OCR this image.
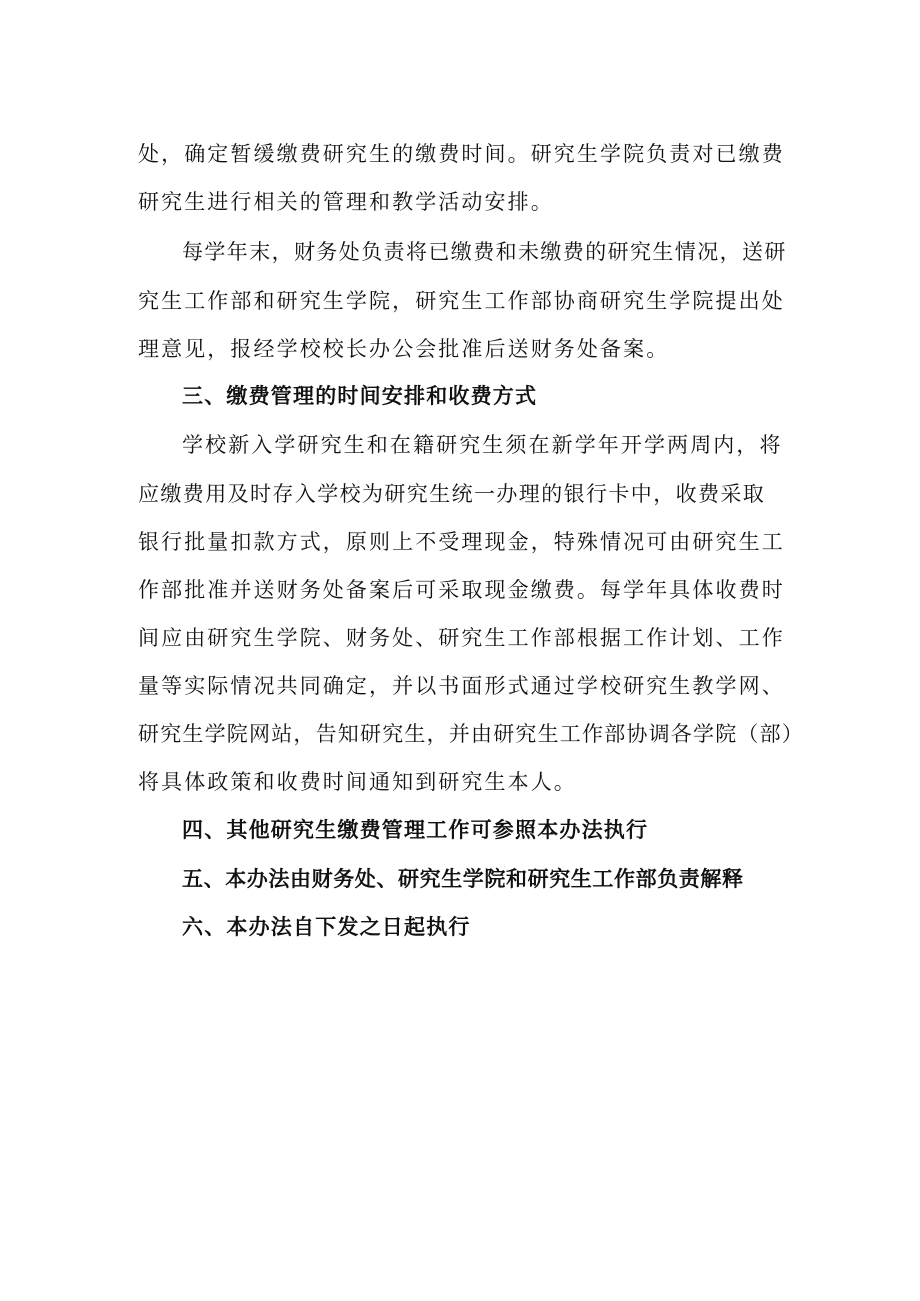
处，确定暂缓缴费研究生的缴费时间。研究生学院负责对已缴费
研究生进行相关的管理和教学活动安排。
每学年末，财务处负责将已缴费和未缴费的研究生情况，送研
究生工作部和研究生学院，研究生工作部协商研究生学院提出处
理意见，报经学校校长办公会批准后送财务处备案。
三、缴费管理的时间安排和收费方式
学校新入学研究生和在籍研究生须在新学年开学两周内，将
应缴费用及时存入学校为研究生统一办理的银行卡中，收费采取
银行批量扣款方式，原则上不受理现金，特殊情况可由研究生工
作部批准并送财务处备案后可采取现金缴费。每学年具体收费时
间应由研究生学院、财务处、研究生工作部根据工作计划、工作
量等实际情况共同确定，并以书面形式通过学校研究生教学网、
研究生学院网站，告知研究生，并由研究生工作部协调各学院（部）
将具体政策和收费时间通知到研究生本人。
四、其他研究生缴费管理工作可参照本办法执行
五、本办法由财务处、研究生学院和研究生工作部负责解释
六、本办法自下发之日起执行
